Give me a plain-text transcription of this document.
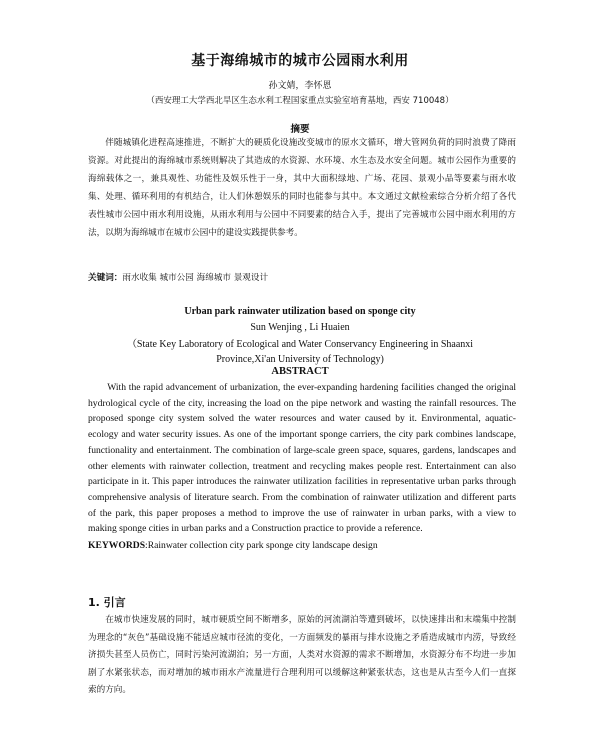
基于海绵城市的城市公园雨水利用
孙文婧，李怀恩
（西安理工大学西北旱区生态水利工程国家重点实验室培育基地，西安 710048）
摘要
伴随城镇化进程高速推进，不断扩大的硬质化设施改变城市的原水文循环，增大管网负荷的同时浪费了降雨资源。对此提出的海绵城市系统则解决了其造成的水资源、水环境、水生态及水安全问题。城市公园作为重要的海绵载体之一，兼具观性、功能性及娱乐性于一身，其中大面积绿地、广场、花园、景观小品等要素与雨水收集、处理、循环利用的有机结合，让人们休憩娱乐的同时也能参与其中。本文通过文献检索综合分析介绍了各代表性城市公园中雨水利用设施，从雨水利用与公园中不同要素的结合入手，提出了完善城市公园中雨水利用的方法，以期为海绵城市在城市公园中的建设实践提供参考。
关键词：雨水收集 城市公园 海绵城市 景观设计
Urban park rainwater utilization based on sponge city
Sun Wenjing , Li Huaien
（State Key Laboratory of Ecological and Water Conservancy Engineering in Shaanxi
Province,Xi'an University of Technology)
ABSTRACT
With the rapid advancement of urbanization, the ever-expanding hardening facilities changed the original hydrological cycle of the city, increasing the load on the pipe network and wasting the rainfall resources. The proposed sponge city system solved the water resources and water caused by it. Environmental, aquatic- ecology and water security issues. As one of the important sponge carriers, the city park combines landscape, functionality and entertainment. The combination of large-scale green space, squares, gardens, landscapes and other elements with rainwater collection, treatment and recycling makes people rest. Entertainment can also participate in it. This paper introduces the rainwater utilization facilities in representative urban parks through comprehensive analysis of literature search. From the combination of rainwater utilization and different parts of the park, this paper proposes a method to improve the use of rainwater in urban parks, with a view to making sponge cities in urban parks and a Construction practice to provide a reference.
KEYWORDS:Rainwater collection city park sponge city landscape design
1. 引言
在城市快速发展的同时，城市硬质空间不断增多，原始的河流湖泊等遭到破坏，以快速排出和末端集中控制为理念的“灰色”基础设施不能适应城市径流的变化，一方面频发的暴雨与排水设施之矛盾造成城市内涝，导致经济损失甚至人员伤亡，同时污染河流湖泊；另一方面，人类对水资源的需求不断增加，水资源分布不均进一步加剧了水紧张状态，而对增加的城市雨水产流量进行合理利用可以缓解这种紧张状态，这也是从古至今人们一直探索的方向。
